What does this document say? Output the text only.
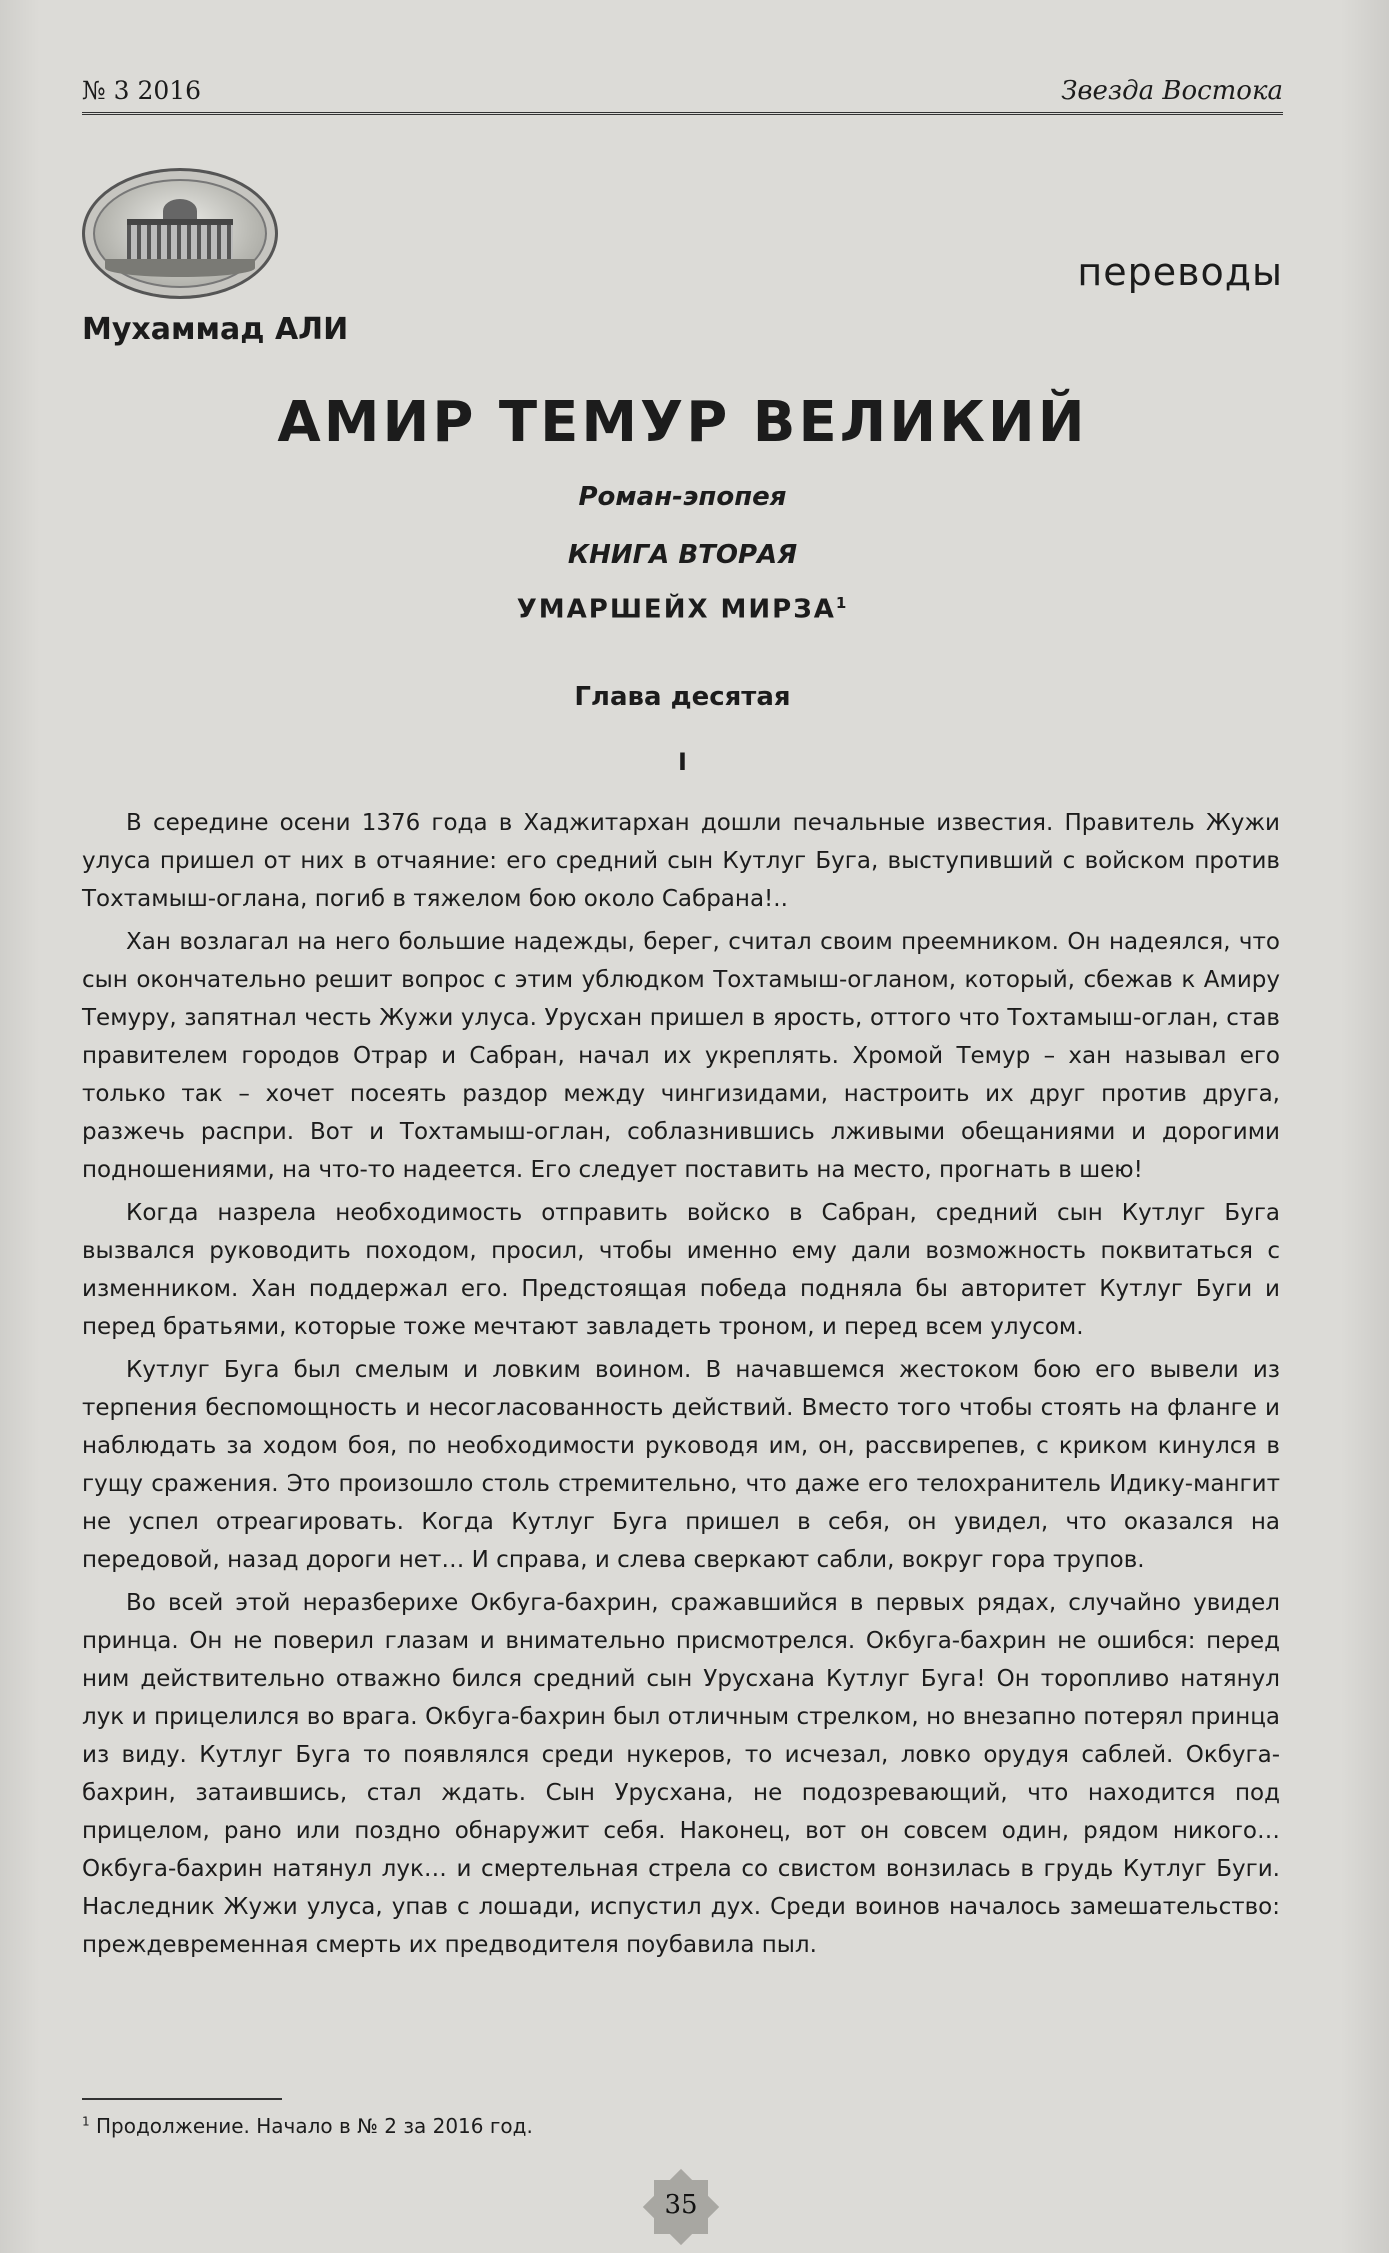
№ 3 2016	Звезда Востока
переводы
Мухаммад АЛИ
АМИР ТЕМУР ВЕЛИКИЙ
Роман-эпопея
КНИГА ВТОРАЯ
УМАРШЕЙХ МИРЗА$^1$
Глава десятая
I

В середине осени 1376 года в Хаджитархан дошли печальные известия. Правитель Жужи улуса пришел от них в отчаяние: его средний сын Кутлуг Буга, выступивший с войском против Тохтамыш-оглана, погиб в тяжелом бою около Сабрана!..

Хан возлагал на него большие надежды, берег, считал своим преемником. Он надеялся, что сын окончательно решит вопрос с этим ублюдком Тохтамыш-огланом, который, сбежав к Амиру Темуру, запятнал честь Жужи улуса. Урусхан пришел в ярость, оттого что Тохтамыш-оглан, став правителем городов Отрар и Сабран, начал их укреплять. Хромой Темур – хан называл его только так – хочет посеять раздор между чингизидами, настроить их друг против друга, разжечь распри. Вот и Тохтамыш-оглан, соблазнившись лживыми обещаниями и дорогими подношениями, на что-то надеется. Его следует поставить на место, прогнать в шею!

Когда назрела необходимость отправить войско в Сабран, средний сын Кутлуг Буга вызвался руководить походом, просил, чтобы именно ему дали возможность поквитаться с изменником. Хан поддержал его. Предстоящая победа подняла бы авторитет Кутлуг Буги и перед братьями, которые тоже мечтают завладеть троном, и перед всем улусом.

Кутлуг Буга был смелым и ловким воином. В начавшемся жестоком бою его вывели из терпения беспомощность и несогласованность действий. Вместо того чтобы стоять на фланге и наблюдать за ходом боя, по необходимости руководя им, он, рассвирепев, с криком кинулся в гущу сражения. Это произошло столь стремительно, что даже его телохранитель Идику-мангит не успел отреагировать. Когда Кутлуг Буга пришел в себя, он увидел, что оказался на передовой, назад дороги нет… И справа, и слева сверкают сабли, вокруг гора трупов.

Во всей этой неразберихе Окбуга-бахрин, сражавшийся в первых рядах, случайно увидел принца. Он не поверил глазам и внимательно присмотрелся. Окбуга-бахрин не ошибся: перед ним действительно отважно бился средний сын Урусхана Кутлуг Буга! Он торопливо натянул лук и прицелился во врага. Окбуга-бахрин был отличным стрелком, но внезапно потерял принца из виду. Кутлуг Буга то появлялся среди нукеров, то исчезал, ловко орудуя саблей. Окбуга-бахрин, затаившись, стал ждать. Сын Урусхана, не подозревающий, что находится под прицелом, рано или поздно обнаружит себя. Наконец, вот он совсем один, рядом никого… Окбуга-бахрин натянул лук… и смертельная стрела со свистом вонзилась в грудь Кутлуг Буги. Наследник Жужи улуса, упав с лошади, испустил дух. Среди воинов началось замешательство: преждевременная смерть их предводителя поубавила пыл.

$^1$ Продолжение. Начало в № 2 за 2016 год.
35
